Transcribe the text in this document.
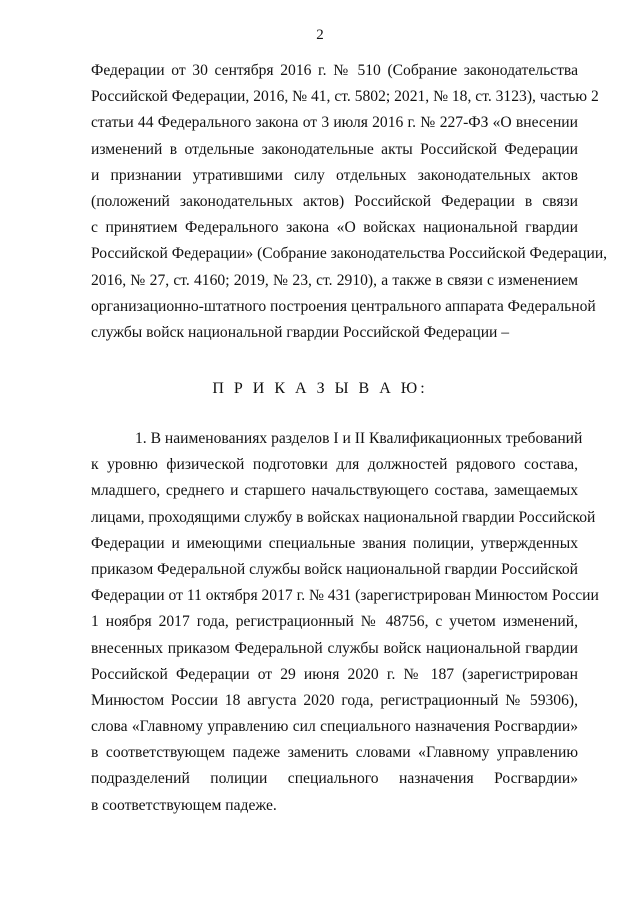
2

Федерации от 30 сентября 2016 г. № 510 (Собрание законодательства
Российской Федерации, 2016, № 41, ст. 5802; 2021, № 18, ст. 3123), частью 2
статьи 44 Федерального закона от 3 июля 2016 г. № 227-ФЗ «О внесении
изменений в отдельные законодательные акты Российской Федерации
и признании утратившими силу отдельных законодательных актов
(положений законодательных актов) Российской Федерации в связи
с принятием Федерального закона «О войсках национальной гвардии
Российской Федерации» (Собрание законодательства Российской Федерации,
2016, № 27, ст. 4160; 2019, № 23, ст. 2910), а также в связи с изменением
организационно-штатного построения центрального аппарата Федеральной
службы войск национальной гвардии Российской Федерации –

П Р И К А З Ы В А Ю:

1. В наименованиях разделов I и II Квалификационных требований
к уровню физической подготовки для должностей рядового состава,
младшего, среднего и старшего начальствующего состава, замещаемых
лицами, проходящими службу в войсках национальной гвардии Российской
Федерации и имеющими специальные звания полиции, утвержденных
приказом Федеральной службы войск национальной гвардии Российской
Федерации от 11 октября 2017 г. № 431 (зарегистрирован Минюстом России
1 ноября 2017 года, регистрационный № 48756, с учетом изменений,
внесенных приказом Федеральной службы войск национальной гвардии
Российской Федерации от 29 июня 2020 г. № 187 (зарегистрирован
Минюстом России 18 августа 2020 года, регистрационный № 59306),
слова «Главному управлению сил специального назначения Росгвардии»
в соответствующем падеже заменить словами «Главному управлению
подразделений полиции специального назначения Росгвардии»
в соответствующем падеже.
